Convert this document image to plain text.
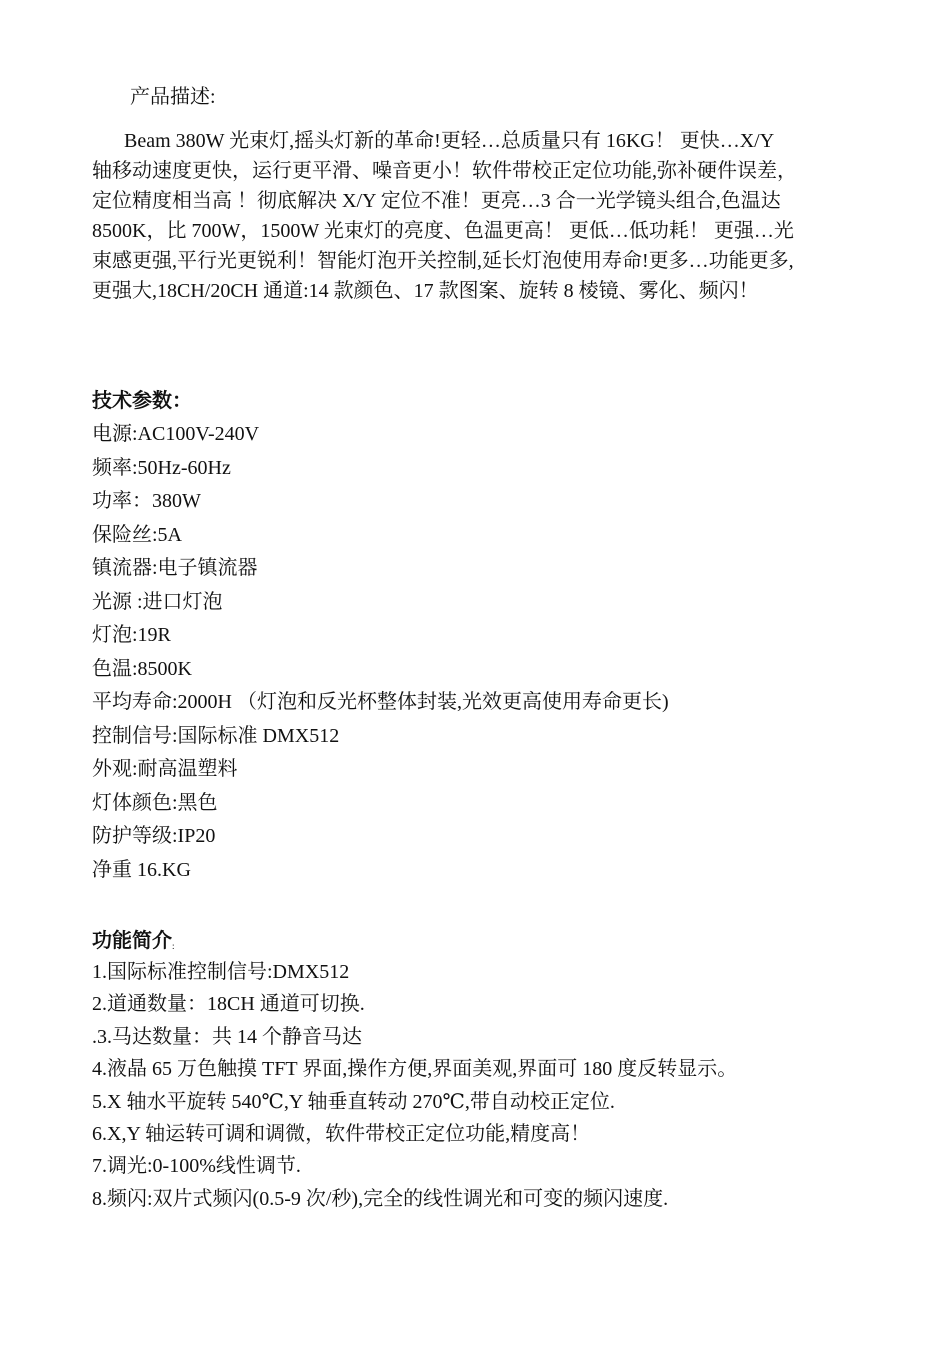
产品描述:
Beam 380W 光束灯,摇头灯新的革命!更轻…总质量只有 16KG！ 更快…X/Y
轴移动速度更快，运行更平滑、噪音更小！软件带校正定位功能,弥补硬件误差，
定位精度相当高 ！彻底解决 X/Y 定位不准！更亮…3 合一光学镜头组合,色温达
8500K，比 700W，1500W 光束灯的亮度、色温更高！ 更低…低功耗！ 更强…光
束感更强,平行光更锐利！智能灯泡开关控制,延长灯泡使用寿命!更多…功能更多,
更强大,18CH/20CH 通道:14 款颜色、17 款图案、旋转 8 棱镜、雾化、频闪！
技术参数：
电源:AC100V-240V
频率:50Hz-60Hz
功率：380W
保险丝:5A
镇流器:电子镇流器
光源 :进口灯泡
灯泡:19R
色温:8500K
平均寿命:2000H （灯泡和反光杯整体封装,光效更高使用寿命更长)
控制信号:国际标准 DMX512
外观:耐高温塑料
灯体颜色:黑色
防护等级:IP20
净重 16.KG
功能简介:
1.国际标准控制信号:DMX512
2.道通数量：18CH 通道可切换.
.3.马达数量：共 14 个静音马达
4.液晶 65 万色触摸 TFT 界面,操作方便,界面美观,界面可 180 度反转显示。
5.X 轴水平旋转 540℃,Y 轴垂直转动 270℃,带自动校正定位.
6.X,Y 轴运转可调和调微，软件带校正定位功能,精度高！
7.调光:0-100%线性调节.
8.频闪:双片式频闪(0.5-9 次/秒),完全的线性调光和可变的频闪速度.
